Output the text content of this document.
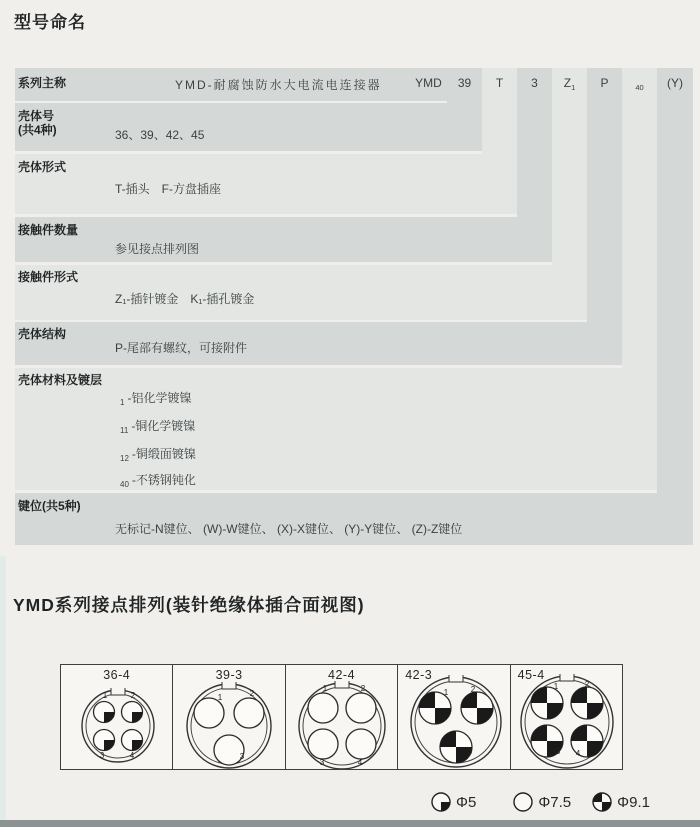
型号命名
YMD	39	T	3	$Z_1$	P	$_{40}$	(Y)
系列主称	YMD-耐腐蚀防水大电流电连接器
壳体号
(共4种)	36、39、42、45
壳体形式
T-插头　F-方盘插座
接触件数量
参见接点排列图
接触件形式
Z₁-插针镀金　K₁-插孔镀金
壳体结构
P-尾部有螺纹，可接附件
壳体材料及镀层
$_1$ -铝化学镀镍
$_{11}$ -铜化学镀镍
$_{12}$ -铜缎面镀镍
$_{40}$ -不锈钢钝化
键位(共5种)
无标记-N键位、 (W)-W键位、 (X)-X键位、 (Y)-Y键位、 (Z)-Z键位
YMD系列接点排列(装针绝缘体插合面视图)
36-4
1	2
3	4
39-3
1	2
3
42-4
1	2
3	4
42-3
1	2
3
45-4
1	2
3 4
Φ5	Φ7.5	Φ9.1
